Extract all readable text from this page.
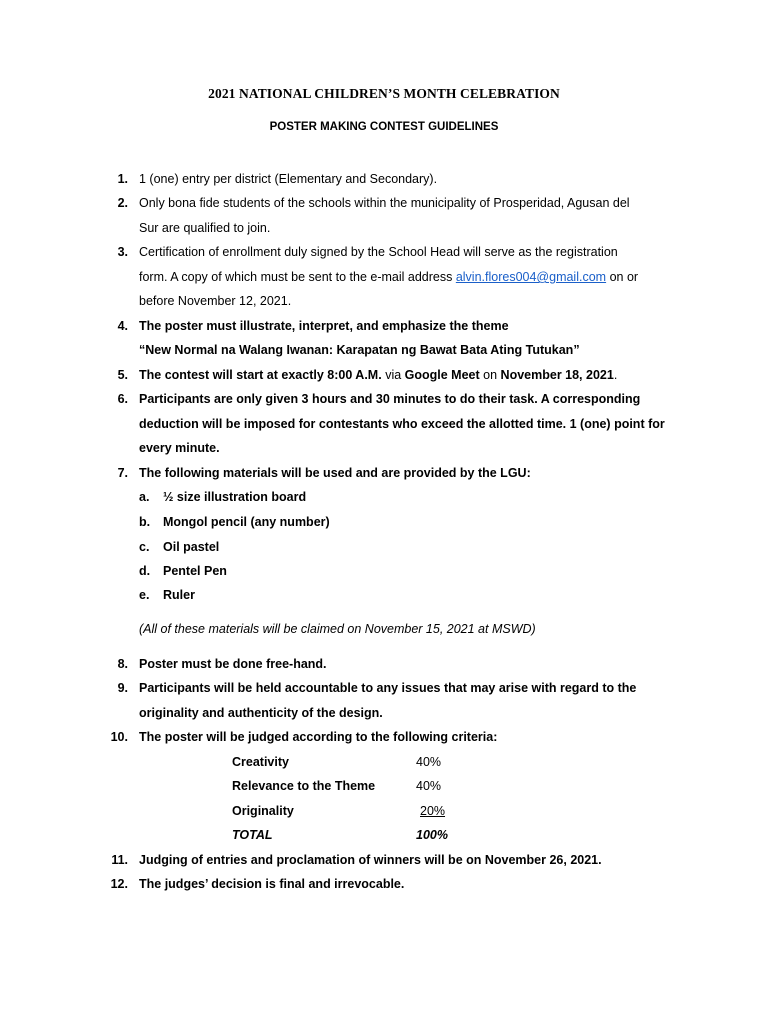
2021 NATIONAL CHILDREN’S MONTH CELEBRATION
POSTER MAKING CONTEST GUIDELINES
1. 1 (one) entry per district (Elementary and Secondary).
2. Only bona fide students of the schools within the municipality of Prosperidad, Agusan del
Sur are qualified to join.
3. Certification of enrollment duly signed by the School Head will serve as the registration
form. A copy of which must be sent to the e-mail address alvin.flores004@gmail.com on or
before November 12, 2021.
4. The poster must illustrate, interpret, and emphasize the theme
“New Normal na Walang Iwanan: Karapatan ng Bawat Bata Ating Tutukan”
5. The contest will start at exactly 8:00 A.M. via Google Meet on November 18, 2021.
6. Participants are only given 3 hours and 30 minutes to do their task. A corresponding
deduction will be imposed for contestants who exceed the allotted time. 1 (one) point for
every minute.
7. The following materials will be used and are provided by the LGU:
a. ½ size illustration board
b. Mongol pencil (any number)
c. Oil pastel
d. Pentel Pen
e. Ruler
(All of these materials will be claimed on November 15, 2021 at MSWD)
8. Poster must be done free-hand.
9. Participants will be held accountable to any issues that may arise with regard to the
originality and authenticity of the design.
10. The poster will be judged according to the following criteria:
Creativity	40%
Relevance to the Theme	40%
Originality	20%
TOTAL	100%
11. Judging of entries and proclamation of winners will be on November 26, 2021.
12. The judges’ decision is final and irrevocable.
